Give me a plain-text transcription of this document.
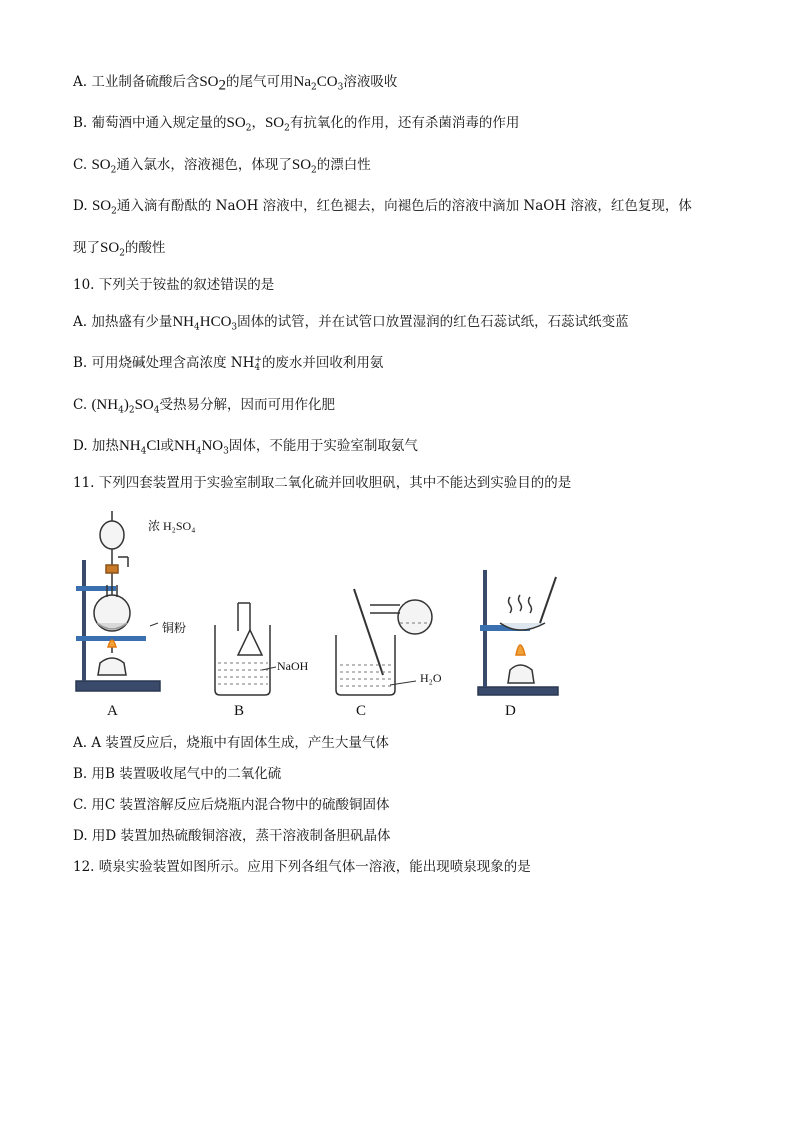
A. 工业制备硫酸后含$SO_2$的尾气可用$Na_2CO_3$溶液吸收
B. 葡萄酒中通入规定量的$SO_2$，$SO_2$有抗氧化的作用，还有杀菌消毒的作用
C. $SO_2$通入氯水，溶液褪色，体现了$SO_2$的漂白性
D. $SO_2$通入滴有酚酞的 NaOH 溶液中，红色褪去，向褪色后的溶液中滴加 NaOH 溶液，红色复现，体
现了$SO_2$的酸性
10. 下列关于铵盐的叙述错误的是
A. 加热盛有少量$NH_4HCO_3$固体的试管，并在试管口放置湿润的红色石蕊试纸，石蕊试纸变蓝
B. 可用烧碱处理含高浓度 NH +
4 的废水并回收利用氨
C. $(NH_4)_2SO_4$受热易分解，因而可用作化肥
D. 加热$NH_4Cl$或$NH_4NO_3$固体，不能用于实验室制取氨气
11. 下列四套装置用于实验室制取二氧化硫并回收胆矾，其中不能达到实验目的的是
浓 H₂SO₄
铜粉
NaOH
H₂O
A	B	C	D
A. A 装置反应后，烧瓶中有固体生成，产生大量气体
B. 用B 装置吸收尾气中的二氧化硫
C. 用C 装置溶解反应后烧瓶内混合物中的硫酸铜固体
D. 用D 装置加热硫酸铜溶液，蒸干溶液制备胆矾晶体
12. 喷泉实验装置如图所示。应用下列各组气体一溶液，能出现喷泉现象的是
